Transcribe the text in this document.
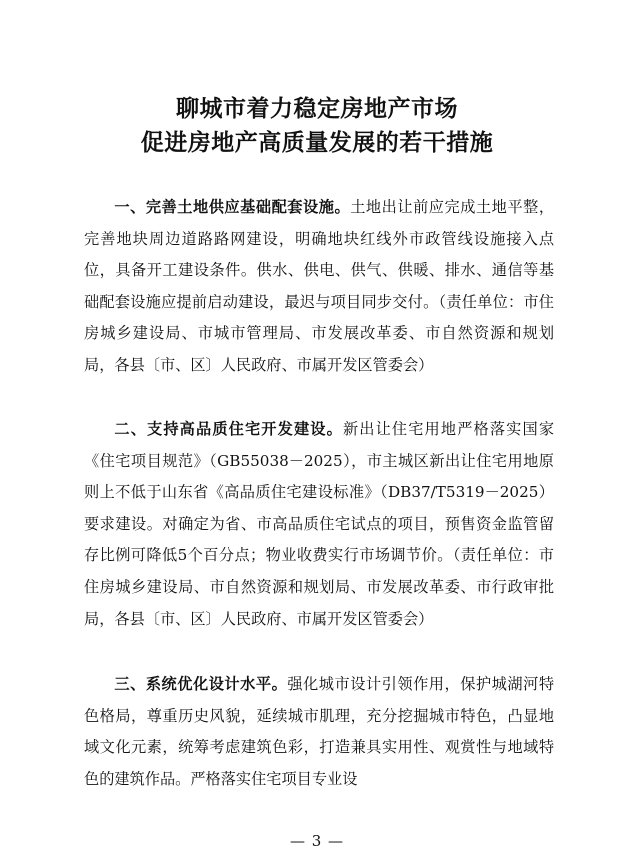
聊城市着力稳定房地产市场
促进房地产高质量发展的若干措施
一、完善土地供应基础配套设施。土地出让前应完成土地平整，完善地块周边道路路网建设，明确地块红线外市政管线设施接入点位，具备开工建设条件。供水、供电、供气、供暖、排水、通信等基础配套设施应提前启动建设，最迟与项目同步交付。（责任单位：市住房城乡建设局、市城市管理局、市发展改革委、市自然资源和规划局，各县〔市、区〕人民政府、市属开发区管委会）
二、支持高品质住宅开发建设。新出让住宅用地严格落实国家《住宅项目规范》（GB55038－2025），市主城区新出让住宅用地原则上不低于山东省《高品质住宅建设标准》（DB37/T5319－2025）要求建设。对确定为省、市高品质住宅试点的项目，预售资金监管留存比例可降低5个百分点；物业收费实行市场调节价。（责任单位：市住房城乡建设局、市自然资源和规划局、市发展改革委、市行政审批局，各县〔市、区〕人民政府、市属开发区管委会）
三、系统优化设计水平。强化城市设计引领作用，保护城湖河特色格局，尊重历史风貌，延续城市肌理，充分挖掘城市特色，凸显地域文化元素，统筹考虑建筑色彩，打造兼具实用性、观赏性与地域特色的建筑作品。严格落实住宅项目专业设
— 3 —
